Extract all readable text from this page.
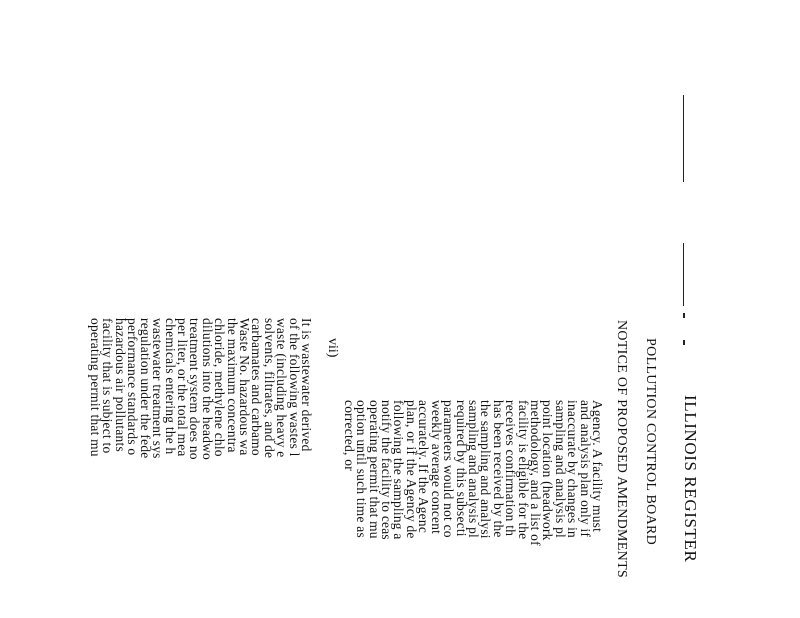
ILLINOIS REGISTER
POLLUTION CONTROL BOARD
NOTICE OF PROPOSED AMENDMENTS
Agency. A facility must
and analysis plan only if
inaccurate by changes in
sampling and analysis pl
point location (headwork
methodology, and a list of
facility is eligible for the
receives confirmation th
has been received by the
the sampling and analysi
sampling and analysis pl
required by this subsecti
parameters would not co
weekly average concent
accurately. If the Agenc
plan, or if the Agency de
following the sampling a
notify the facility to ceas
operating permit that mu
option until such time as
corrected, or
vii)
It is wastewater derived
of the following wastes l
waste (including heavy e
solvents, filtrates, and de
carbamates and carbamo
Waste No. hazardous wa
the maximum concentra
chloride, methylene chlo
dilutions into the headwo
treatment system does no
per liter, or the total mea
chemicals entering the h
wastewater treatment sys
regulation under the fede
performance standards o
hazardous air pollutants
facility that is subject to
operating permit that mu
